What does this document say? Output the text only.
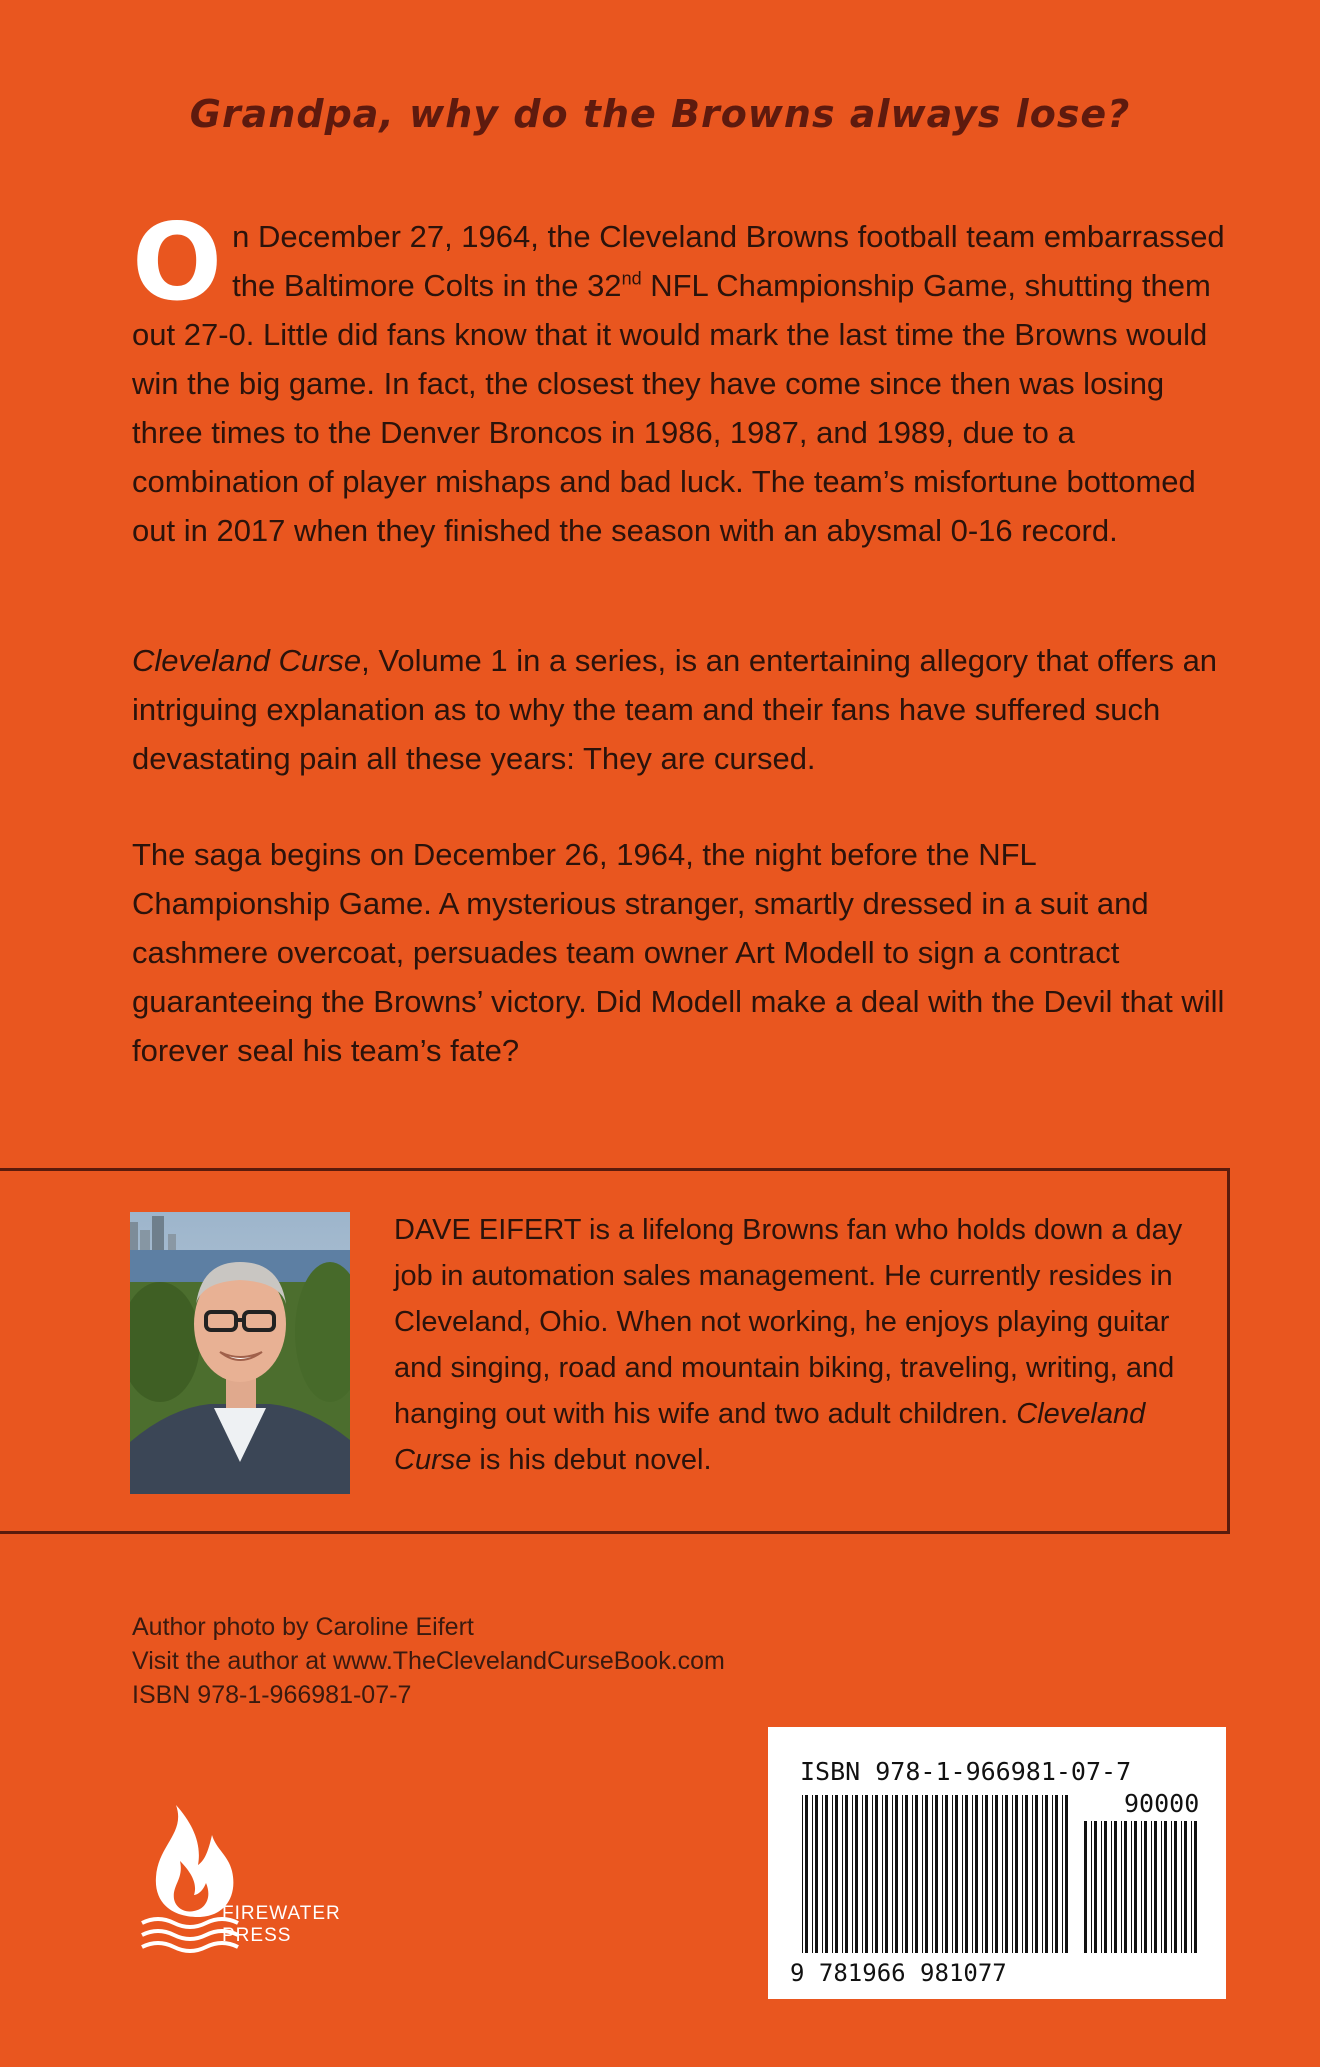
Grandpa, why do the Browns always lose?
On December 27, 1964, the Cleveland Browns football team embarrassed the Baltimore Colts in the 32nd NFL Championship Game, shutting them out 27-0. Little did fans know that it would mark the last time the Browns would win the big game. In fact, the closest they have come since then was losing three times to the Denver Broncos in 1986, 1987, and 1989, due to a combination of player mishaps and bad luck. The team’s misfortune bottomed out in 2017 when they finished the season with an abysmal 0-16 record.
Cleveland Curse, Volume 1 in a series, is an entertaining allegory that offers an intriguing explanation as to why the team and their fans have suffered such devastating pain all these years: They are cursed.
The saga begins on December 26, 1964, the night before the NFL Championship Game. A mysterious stranger, smartly dressed in a suit and cashmere overcoat, persuades team owner Art Modell to sign a contract guaranteeing the Browns’ victory. Did Modell make a deal with the Devil that will forever seal his team’s fate?
DAVE EIFERT is a lifelong Browns fan who holds down a day job in automation sales management. He currently resides in Cleveland, Ohio. When not working, he enjoys playing guitar and singing, road and mountain biking, traveling, writing, and hanging out with his wife and two adult children. Cleveland Curse is his debut novel.
Author photo by Caroline Eifert
Visit the author at www.TheClevelandCurseBook.com
ISBN 978-1-966981-07-7
FIREWATER
PRESS
ISBN 978-1-966981-07-7
90000
9 781966 981077
